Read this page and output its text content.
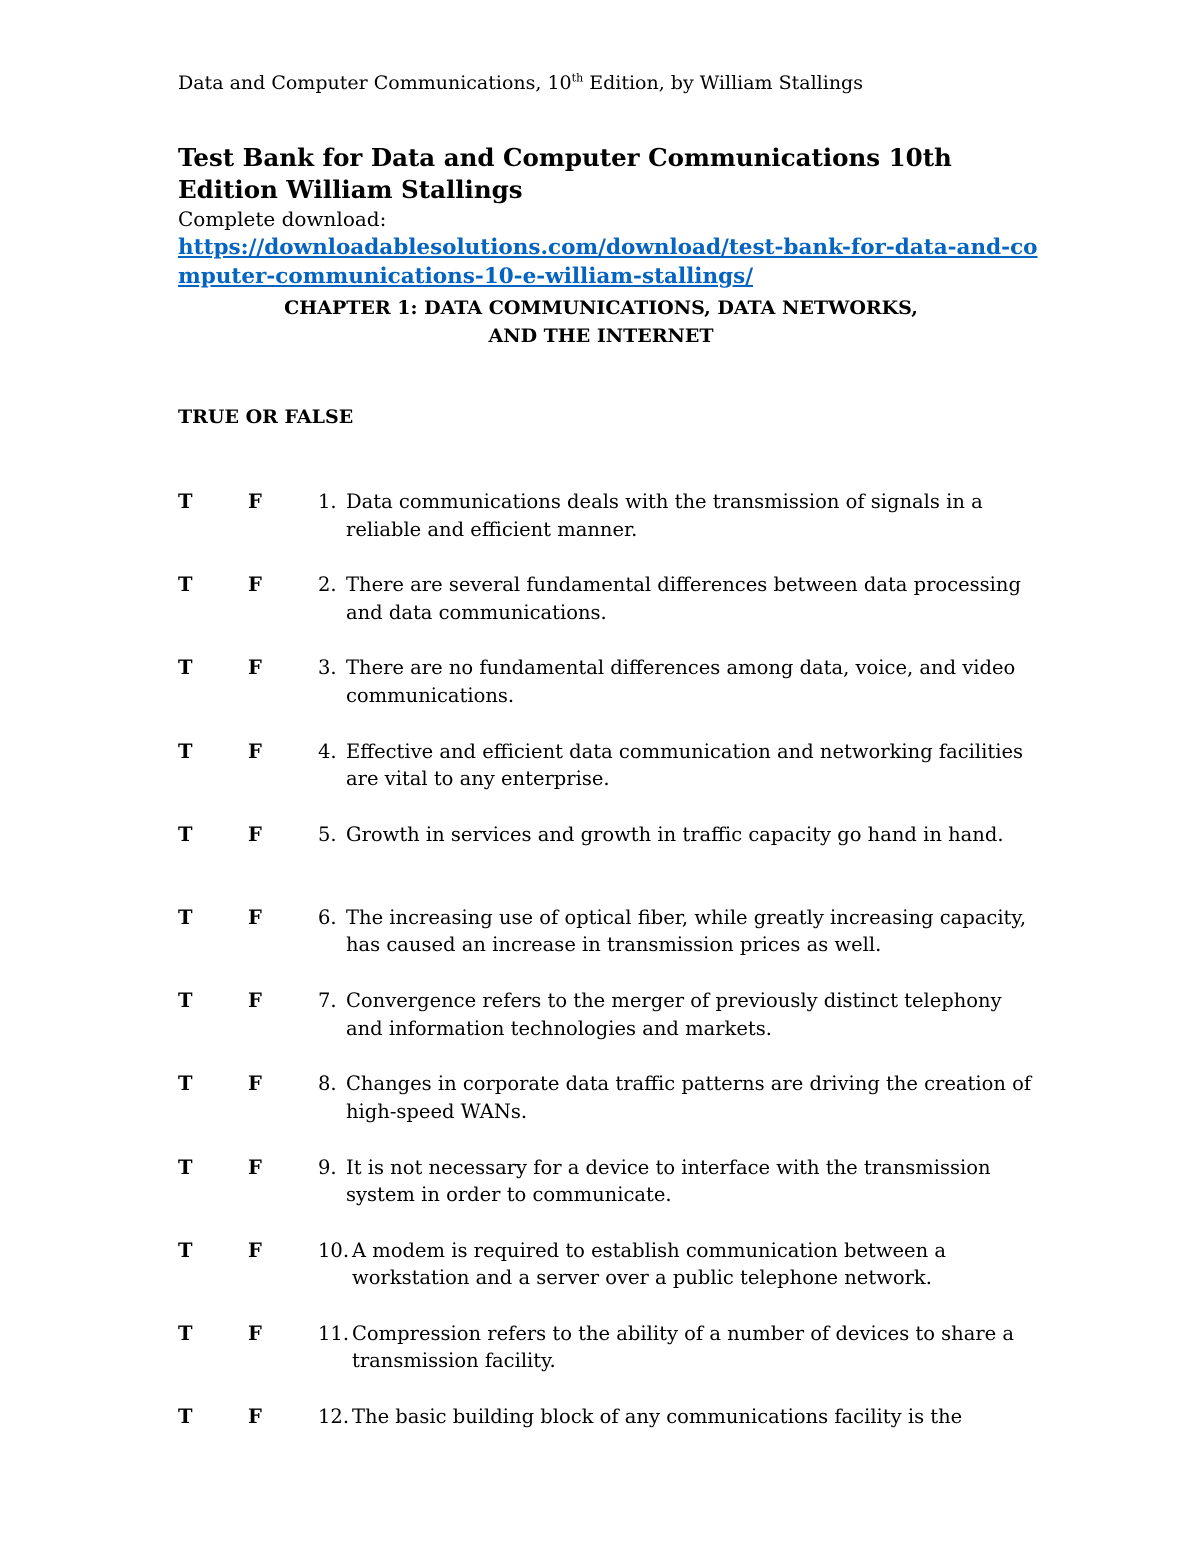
Data and Computer Communications, 10th Edition, by William Stallings
Test Bank for Data and Computer Communications 10th Edition William Stallings
Complete download:
https://downloadablesolutions.com/download/test-bank-for-data-and-computer-communications-10-e-william-stallings/
CHAPTER 1: DATA COMMUNICATIONS, DATA NETWORKS,
AND THE INTERNET
TRUE OR FALSE
T	F	1. Data communications deals with the transmission of signals in a reliable and efficient manner.
T	F	2. There are several fundamental differences between data processing and data communications.
T	F	3. There are no fundamental differences among data, voice, and video communications.
T	F	4. Effective and efficient data communication and networking facilities are vital to any enterprise.
T	F	5. Growth in services and growth in traffic capacity go hand in hand.
T	F	6. The increasing use of optical fiber, while greatly increasing capacity, has caused an increase in transmission prices as well.
T	F	7. Convergence refers to the merger of previously distinct telephony and information technologies and markets.
T	F	8. Changes in corporate data traffic patterns are driving the creation of high-speed WANs.
T	F	9. It is not necessary for a device to interface with the transmission system in order to communicate.
T	F	10. A modem is required to establish communication between a workstation and a server over a public telephone network.
T	F	11. Compression refers to the ability of a number of devices to share a transmission facility.
T	F	12. The basic building block of any communications facility is the
